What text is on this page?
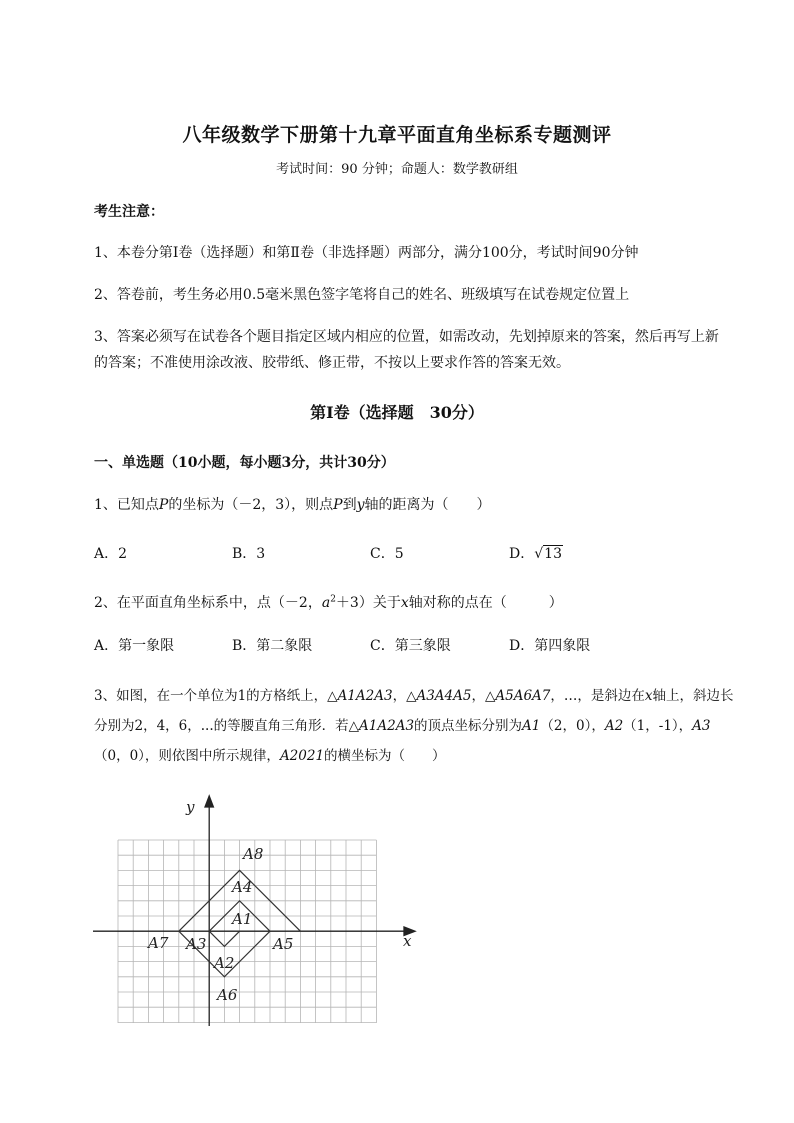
八年级数学下册第十九章平面直角坐标系专题测评
考试时间：90 分钟；命题人：数学教研组
考生注意：
1、本卷分第Ⅰ卷（选择题）和第Ⅱ卷（非选择题）两部分，满分100分，考试时间90分钟
2、答卷前，考生务必用0.5毫米黑色签字笔将自己的姓名、班级填写在试卷规定位置上
3、答案必须写在试卷各个题目指定区域内相应的位置，如需改动，先划掉原来的答案，然后再写上新
的答案；不准使用涂改液、胶带纸、修正带，不按以上要求作答的答案无效。
第Ⅰ卷（选择题　30分）
一、单选题（10小题，每小题3分，共计30分）
1、已知点P的坐标为（－2，3），则点P到y轴的距离为（　　）
A．2	B．3	C．5	D．√13
2、在平面直角坐标系中，点（－2，$a^2+3$）关于x轴对称的点在（　　　）
A．第一象限	B．第二象限	C．第三象限	D．第四象限
3、如图，在一个单位为1的方格纸上，△A1A2A3，△A3A4A5，△A5A6A7，…，是斜边在x轴上，斜边长
分别为2，4，6，...的等腰直角三角形．若△A1A2A3的顶点坐标分别为A1（2，0），A2（1，-1），A3
（0，0），则依图中所示规律，A2021的横坐标为（　　）
y
x
A1
A2
A3
A4
A5
A6
A7
A8
